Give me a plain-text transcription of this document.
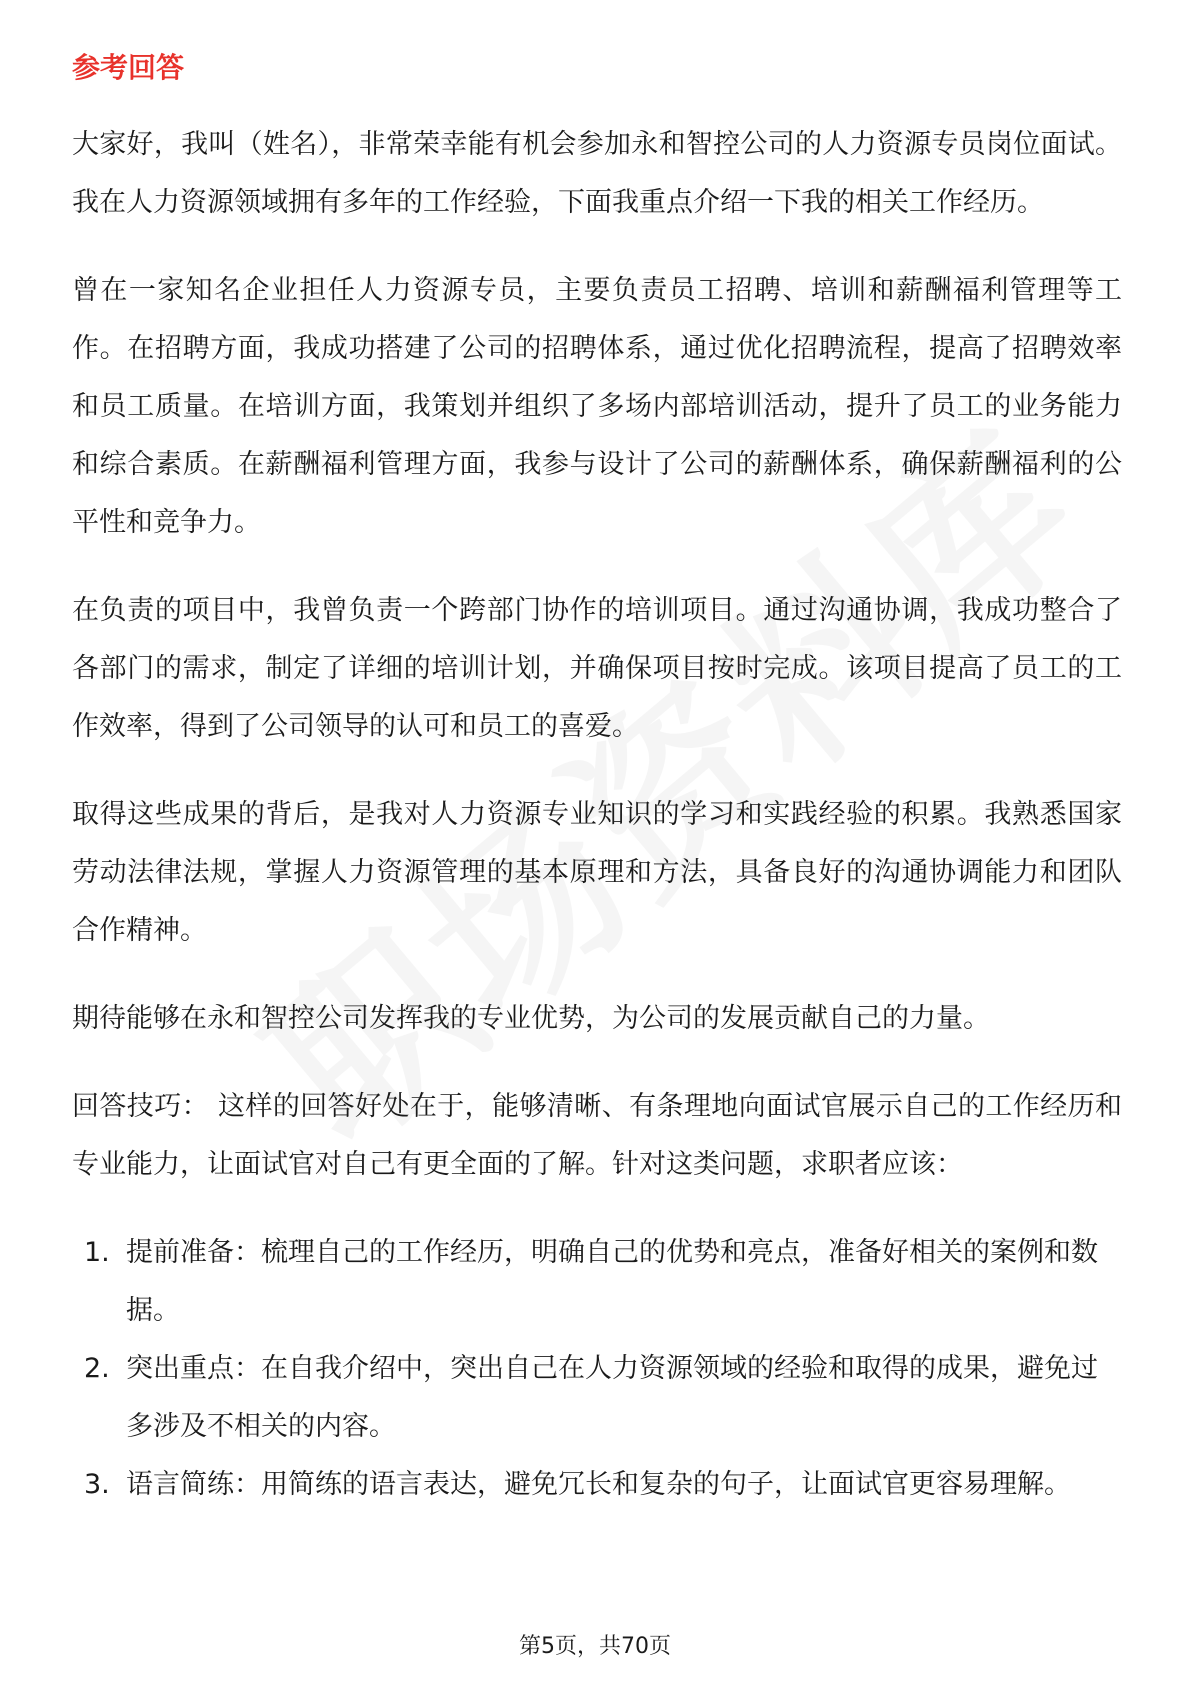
参考回答

大家好，我叫（姓名），非常荣幸能有机会参加永和智控公司的人力资源专员岗位面试。我在人力资源领域拥有多年的工作经验，下面我重点介绍一下我的相关工作经历。

曾在一家知名企业担任人力资源专员，主要负责员工招聘、培训和薪酬福利管理等工作。在招聘方面，我成功搭建了公司的招聘体系，通过优化招聘流程，提高了招聘效率和员工质量。在培训方面，我策划并组织了多场内部培训活动，提升了员工的业务能力和综合素质。在薪酬福利管理方面，我参与设计了公司的薪酬体系，确保薪酬福利的公平性和竞争力。

在负责的项目中，我曾负责一个跨部门协作的培训项目。通过沟通协调，我成功整合了各部门的需求，制定了详细的培训计划，并确保项目按时完成。该项目提高了员工的工作效率，得到了公司领导的认可和员工的喜爱。

取得这些成果的背后，是我对人力资源专业知识的学习和实践经验的积累。我熟悉国家劳动法律法规，掌握人力资源管理的基本原理和方法，具备良好的沟通协调能力和团队合作精神。

期待能够在永和智控公司发挥我的专业优势，为公司的发展贡献自己的力量。

回答技巧： 这样的回答好处在于，能够清晰、有条理地向面试官展示自己的工作经历和专业能力，让面试官对自己有更全面的了解。针对这类问题，求职者应该：

1. 提前准备：梳理自己的工作经历，明确自己的优势和亮点，准备好相关的案例和数据。
2. 突出重点：在自我介绍中，突出自己在人力资源领域的经验和取得的成果，避免过多涉及不相关的内容。
3. 语言简练：用简练的语言表达，避免冗长和复杂的句子，让面试官更容易理解。
第5页，共70页
